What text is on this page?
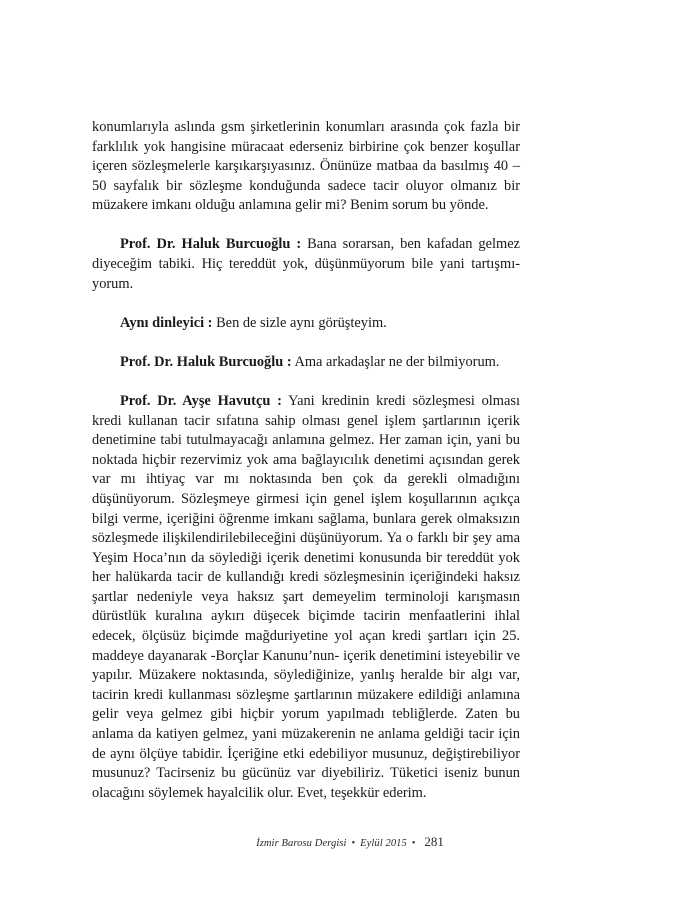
konumlarıyla aslında gsm şirketlerinin konumları arasında çok fazla bir farklılık yok hangisine müracaat ederseniz birbirine çok benzer koşullar içeren sözleşmelerle karşıkarşıyasınız. Önünüze matbaa da basılmış 40 – 50 sayfalık bir sözleşme konduğunda sadece tacir oluyor olmanız bir müzakere imkanı olduğu anlamına gelir mi? Benim sorum bu yönde.

Prof. Dr. Haluk Burcuoğlu : Bana sorarsan, ben kafadan gelmez diyeceğim tabiki. Hiç tereddüt yok, düşünmüyorum bile yani tartışmıyorum.

Aynı dinleyici : Ben de sizle aynı görüşteyim.

Prof. Dr. Haluk Burcuoğlu : Ama arkadaşlar ne der bilmiyorum.

Prof. Dr. Ayşe Havutçu : Yani kredinin kredi sözleşmesi olması kredi kullanan tacir sıfatına sahip olması genel işlem şartlarının içerik denetimine tabi tutulmayacağı anlamına gelmez. Her zaman için, yani bu noktada hiçbir rezervimiz yok ama bağlayıcılık denetimi açısından gerek var mı ihtiyaç var mı noktasında ben çok da gerekli olmadığını düşünüyorum. Sözleşmeye girmesi için genel işlem koşullarının açıkça bilgi verme, içeriğini öğrenme imkanı sağlama, bunlara gerek olmaksızın sözleşmede ilişkilendirilebileceğini düşünüyorum. Ya o farklı bir şey ama Yeşim Hoca’nın da söylediği içerik denetimi konusunda bir tereddüt yok her halükarda tacir de kullandığı kredi sözleşmesinin içeriğindeki haksız şartlar nedeniyle veya haksız şart demeyelim terminoloji karışmasın dürüstlük kuralına aykırı düşecek biçimde tacirin menfaatlerini ihlal edecek, ölçüsüz biçimde mağduriyetine yol açan kredi şartları için 25. maddeye dayanarak -Borçlar Kanunu’nun- içerik denetimini isteyebilir ve yapılır. Müzakere noktasında, söylediğinize, yanlış heralde bir algı var, tacirin kredi kullanması sözleşme şartlarının müzakere edildiği anlamına gelir veya gelmez gibi hiçbir yorum yapılmadı tebliğlerde. Zaten bu anlamа da katiyen gelmez, yani müzakerenin ne anlama geldiği tacir için de aynı ölçüye tabidir. İçeriğine etki edebiliyor musunuz, değiştirebiliyor musunuz? Tacirseniz bu gücünüz var diyebiliriz. Tüketici iseniz bunun olacağını söylemek hayalcilik olur. Evet, teşekkür ederim.

İzmir Barosu Dergisi • Eylül 2015 • 281
